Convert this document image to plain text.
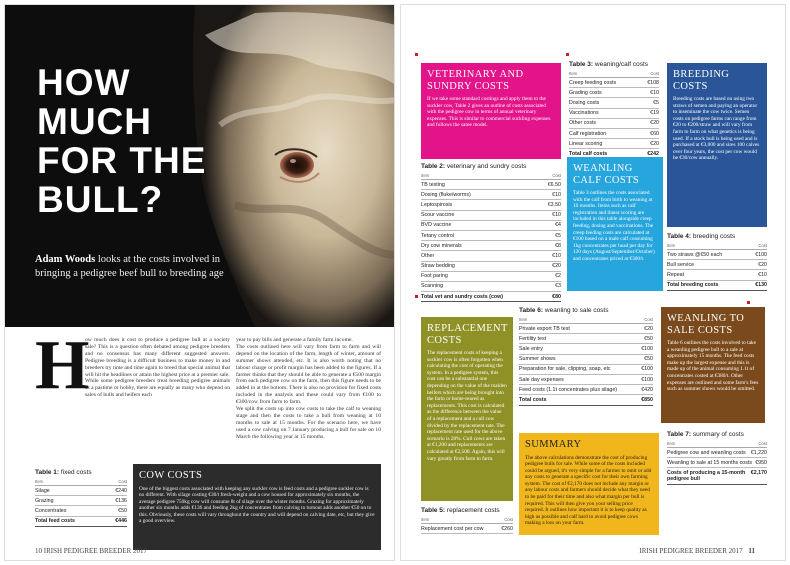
HOW
MUCH
FOR THE
BULL?
Adam Woods looks at the costs involved in bringing a pedigree beef bull to breeding age
H
ow much does it cost to produce a pedigree bull at a society sale? This is a question often debated among pedigree breeders and no consensus has many different suggested answers. Pedigree breeding is a difficult business to make money in and breeders try time and time again to breed that special animal that will hit the headlines or attain the highest price at a premier sale.
While some pedigree breeders treat breeding pedigree animals as a pastime or hobby, there are equally as many who depend on sales of bulls and heifers each
year to pay bills and generate a family farm income.
The costs outlined here will vary from farm to farm and will depend on the location of the farm, length of winter, amount of summer shows attended, etc. It is also worth noting that no labour charge or profit margin has been added to the figures. If a farmer thinks that they should be able to generate a €500 margin from each pedigree cow on the farm, then this figure needs to be added in at the bottom. There is also no provision for fixed costs included in the analysis and these could vary from €100 to €300/cow from farm to farm.
We split the costs up into cow costs to take the calf to weaning stage and then the costs to take a bull from weaning at 10 months to sale at 15 months. For the scenario here, we have used a cow calving on 7 January producing a bull for sale on 10 March the following year at 15 months.
Table 1: fixed costs
Item	Cost
Silage	€240
Grazing	€136
Concentrates	€50
Total feed costs	€446
COW COSTS
One of the biggest costs associated with keeping any suckler cow is feed costs and a pedigree suckler cow is no different. With silage costing €30/t fresh-weight and a cow housed for approximately six months, the average pedigree 750kg cow will consume 8t of silage over the winter months. Grazing for approximately another six months adds €136 and feeding 2kg of concentrates from calving to turnout adds another €50 on to this. Obviously, these costs will vary throughout the country and will depend on calving date, etc, but they give a good overview.
10 IRISH PEDIGREE BREEDER 2017
VETERINARY AND SUNDRY COSTS
If we take some standard costings and apply them to the suckler cow, Table 2 gives an outline of costs associated with the pedigree cow in terms of annual veterinary expenses. This is similar to commercial suckling expenses and follows the same model.
Table 2: veterinary and sundry costs
Item	Cost
TB testing	€6.50
Dosing (fluke/worms)	€10
Leptospirosis	€3.50
Scour vaccine	€10
BVD vaccine	€4
Tetany control	€5
Dry cow minerals	€8
Other	€10
Straw bedding	€20
Foot paring	€2
Scanning	€3
Total vet and sundry costs (cow)	€80
Table 3: weaning/calf costs
Item	Cost
Creep feeding costs	€108
Grading costs	€10
Dosing costs	€5
Vaccinations	€19
Other costs	€20
Calf registration	€60
Linear scoring	€20
Total calf costs	€242
WEANLING CALF COSTS
Table 3 outlines the costs associated with the calf from birth to weaning at 10 months. Items such as calf registration and linear scoring are included in this table alongside creep feeding, dosing and vaccinations. The creep feeding costs are calculated at €100 based on a male calf consuming 1kg concentrates per head per day for 120 days (August/September/October) and concentrates priced at €300/t.
BREEDING COSTS
Breeding costs are based on using two straws of semen and paying an operator to inseminate the cow twice. Semen costs on pedigree farms can range from €20 to €200/straw and will vary from farm to farm on what genetics is being used. If a stock bull is being used and is purchased at €3,000 and sires 100 calves over four years, the cost per cow would be €30/cow annually.
Table 4: breeding costs
Item	Cost
Two straws @€50 each	€100
Bull service	€20
Repeat	€10
Total breeding costs	€130
REPLACEMENT COSTS
The replacement costs of keeping a suckler cow is often forgotten when calculating the cost of operating the system. In a pedigree system, this cost can be a substantial one depending on the value of the maiden heifers which are being brought into the farm or home-reared as replacements. This cost is calculated as the difference between the value of a replacement and a cull cow divided by the replacement rate. The replacement rate used for the above scenario is 20%. Cull cows are taken at €1,200 and replacements are calculated at €2,500. Again, this will vary greatly from farm to farm.
Table 5: replacement costs
Item	Cost
Replacement cost per cow	€260
Table 6: weanling to sale costs
Item	Cost
Private export TB test	€20
Fertility test	€50
Sale entry	€100
Summer shows	€50
Preparation for sale, clipping, soap, etc	€100
Sale day expenses	€100
Feed costs (1.1t concentrates plus silage)	€420
Total costs	€850
WEANLING TO SALE COSTS
Table 6 outlines the costs involved to take a weanling pedigree bull to a sale at approximately 15 months. The feed costs make up the largest expense and this is made up of the animal consuming 1.1t of concentrates costed at €380/t. Other expenses are outlined and some farm's fees such as summer shows would be omitted.
Table 7: summary of costs
Item	Cost
Pedigree cow and weanling costs €1,220
Weanling to sale at 15 months costs €950
Costs of producing a 15-month pedigree bull
€2,170
SUMMARY
The above calculations demonstrate the cost of producing pedigree bulls for sale. While some of the costs included could be argued, it's very simple for a farmer to omit or add any costs to generate a specific cost for their own farming system. The cost of €2,170 does not include any margin or any labour costs and farmers should decide what they need to be paid for their time and also what margin per bull is required. This will then give you your selling price required. It outlines how important it is to keep quality as high as possible and calf hard to avoid pedigree cows making a loss on your farm.
IRISH PEDIGREE BREEDER 2017 11
